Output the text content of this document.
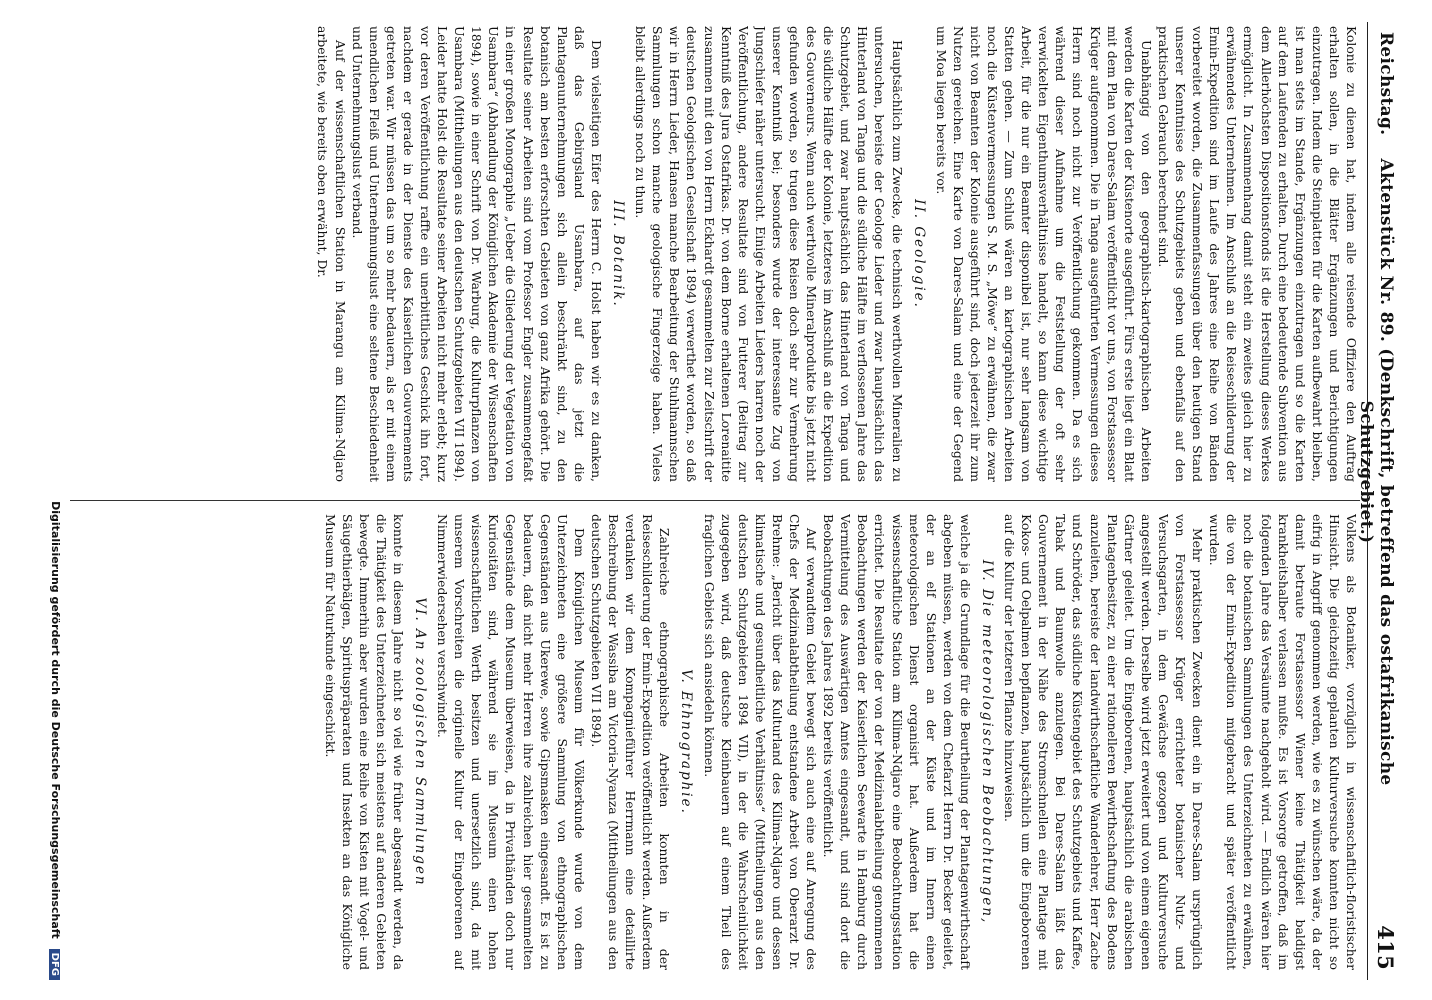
Reichstag.
Aktenstück Nr. 89. (Denkschrift, betreffend das ostafrikanische Schutzgebiet.)
415

Kolonie zu dienen hat, indem alle reisende Offiziere den Auftrag erhalten sollen, in die Blätter Ergänzungen und Berichtigungen einzutragen. Indem die Steinplatten für die Karten aufbewahrt bleiben, ist man stets im Stande, Ergänzungen einzutragen und so die Karten auf dem Laufenden zu erhalten. Durch eine bedeutende Subvention aus dem Allerhöchsten Dispositionsfonds ist die Herstellung dieses Werkes ermöglicht. In Zusammenhang damit steht ein zweites gleich hier zu erwähnendes Unternehmen. Im Anschluß an die Reiseschilderung der Emin-Expedition sind im Laufe des Jahres eine Reihe von Bänden vorbereitet worden, die Zusammenfassungen über den heutigen Stand unserer Kenntnisse des Schutzgebiets geben und ebenfalls auf den praktischen Gebrauch berechnet sind.

Unabhängig von den geographisch-kartographischen Arbeiten werden die Karten der Küstenorte ausgeführt. Fürs erste liegt ein Blatt mit dem Plan von Dares-Salam veröffentlicht vor uns, von Forstassessor Krüger aufgenommen. Die in Tanga ausgeführten Vermessungen dieses Herrn sind noch nicht zur Veröffentlichung gekommen. Da es sich während dieser Aufnahme um die Feststellung der oft sehr verwickelten Eigenthumsverhältnisse handelt, so kann diese wichtige Arbeit, für die nur ein Beamter disponibel ist, nur sehr langsam von Statten gehen. — Zum Schluß wären an kartographischen Arbeiten noch die Küstenvermessungen S. M. S. „Möwe“ zu erwähnen, die zwar nicht von Beamten der Kolonie ausgeführt sind, doch jederzeit ihr zum Nutzen gereichen. Eine Karte von Dares-Salam und eine der Gegend um Moa liegen bereits vor.

II. Geologie.

Hauptsächlich zum Zwecke, die technisch werthvollen Mineralien zu untersuchen, bereiste der Geologe Lieder und zwar hauptsächlich das Hinterland von Tanga und die südliche Hälfte im verflossenen Jahre das Schutzgebiet, und zwar hauptsächlich das Hinterland von Tanga und die südliche Hälfte der Kolonie, letzteres im Anschluß an die Expedition des Gouverneurs. Wenn auch werthvolle Mineralprodukte bis jetzt nicht gefunden worden, so trugen diese Reisen doch sehr zur Vermehrung unserer Kenntniß bei; besonders wurde der interessante Zug von Jungschiefer näher untersucht. Einige Arbeiten Lieders harren noch der Veröffentlichung, andere Resultate sind von Futterer (Beitrag zur Kenntniß des Jura Ostafrikas. Dr. von dem Borne erhaltenen Lorenaitite zusammen mit den von Herrn Eckhardt gesammelten zur Zeitschrift der deutschen Geologischen Gesellschaft 1894) verwerthet worden, so daß wir in Herrn Lieder, Hansen manche Bearbeitung der Stuhlmannschen Sammlungen schon manche geologische Fingerzeige haben. Vieles bleibt allerdings noch zu thun.

III. Botanik.

Dem vielseitigen Eifer des Herrn C. Holst haben wir es zu danken, daß das Gebirgsland Usambara, auf das jetzt die Plantagenunternehmungen sich allein beschränkt sind, zu den botanisch am besten erforschten Gebieten von ganz Afrika gehört. Die Resultate seiner Arbeiten sind vom Professor Engler zusammengefaßt in einer großen Monographie „Ueber die Gliederung der Vegetation von Usambara“ (Abhandlung der Königlichen Akademie der Wissenschaften 1894), sowie in einer Schrift von Dr. Warburg, die Kulturpflanzen von Usambara (Mittheilungen aus den deutschen Schutzgebieten VII 1894). Leider hatte Holst die Resultate seiner Arbeiten nicht mehr erlebt; kurz vor deren Veröffentlichung raffte ein unerbittliches Geschick ihn fort, nachdem er gerade in der Dienste des Kaiserlichen Gouvernements getreten war. Wir müssen das um so mehr bedauern, als er mit einem unendlichen Fleiß und Unternehmungslust eine seltene Beschiedenheit und Unternehmungslust verband.

Auf der wissenschaftlichen Station in Marangu am Kilima-Ndjaro arbeitete, wie bereits oben erwähnt, Dr.

Volkens als Botaniker, vorzüglich in wissenschaftlich-floristischer Hinsicht. Die gleichzeitig geplanten Kulturversuche konnten nicht so eifrig in Angriff genommen werden, wie es zu wünschen wäre, da der damit betraute Forstassessor Wiener keine Thätigkeit baldigst krankheitshalber verlassen mußte. Es ist Vorsorge getroffen, daß im folgenden Jahre das Versäumte nachgeholt wird. — Endlich wären hier noch die botanischen Sammlungen des Unterzeichneten zu erwähnen, die von der Emin-Expedition mitgebracht und später veröffentlicht wurden.

Mehr praktischen Zwecken dient ein in Dares-Salam ursprünglich von Forstassessor Krüger errichteter botanischer Nutz- und Versuchsgarten, in dem Gewächse gezogen und Kulturversuche angestellt werden. Derselbe wird jetzt erweitert und von einem eigenen Gärtner geleitet. Um die Eingeborenen, hauptsächlich die arabischen Plantagenbesitzer, zu einer rationelleren Bewirthschaftung des Bodens anzuleiten, bereiste der landwirthschaftliche Wanderlehrer, Herr Zache und Schröder, das südliche Küstengebiet des Schutzgebiets und Kaffee, Tabak und Baumwolle anzulegen. Bei Dares-Salam läßt das Gouvernement in der Nähe des Stromschnellen eine Plantage mit Kokos- und Oelpalmen bepflanzen, hauptsächlich um die Eingeborenen auf die Kultur der letzteren Pflanze hinzuweisen.

IV. Die meteorologischen Beobachtungen,

welche ja die Grundlage für die Beurtheilung der Plantagenwirthschaft abgeben müssen, werden von dem Chefarzt Herrn Dr. Becker geleitet, der an elf Stationen an der Küste und im Innern einen meteorologischen Dienst organisirt hat. Außerdem hat die wissenschaftliche Station am Kilima-Ndjaro eine Beobachtungsstation errichtet. Die Resultate der von der Medizinalabtheilung genommenen Beobachtungen werden der Kaiserlichen Seewarte in Hamburg durch Vermittelung des Auswärtigen Amtes eingesandt, und sind dort die Beobachtungen des Jahres 1892 bereits veröffentlicht.

Auf verwandtem Gebiet bewegt sich auch eine auf Anregung des Chefs der Medizinalabtheilung entstandene Arbeit von Oberarzt Dr. Brehme: „Bericht über das Kulturland des Kilima-Ndjaro und dessen klimatische und gesundheitliche Verhältnisse“ (Mittheilungen aus den deutschen Schutzgebieten 1894 VII), in der die Wahrscheinlichkeit zugegeben wird, daß deutsche Kleinbauern auf einem Theil des fraglichen Gebiets sich ansiedeln können.

V. Ethnographie.

Zahlreiche ethnographische Arbeiten konnten in der Reiseschilderung der Emin-Expedition veröffentlicht werden. Außerdem verdanken wir dem Kompagnieführer Herrmann eine detaillirte Beschreibung der Wassiba am Victoria-Nyanza (Mittheilungen aus den deutschen Schutzgebieten VII 1894).

Dem Königlichen Museum für Völkerkunde wurde von dem Unterzeichneten eine größere Sammlung von ethnographischen Gegenständen aus Ukerewe, sowie Gipsmasken eingesandt. Es ist zu bedauern, daß nicht mehr Herren ihre zahlreichen hier gesammelten Gegenstände dem Museum überweisen, da in Privathänden doch nur Kuriositäten sind, während sie im Museum einen hohen wissenschaftlichen Werth besitzen und unersetzlich sind, da mit unserem Vorschreiten die originelle Kultur der Eingeborenen auf Nimmerwiedersehen verschwindet.

VI. An zoologischen Sammlungen

konnte in diesem Jahre nicht so viel wie früher abgesandt werden, da die Thätigkeit des Unterzeichneten sich meistens auf anderen Gebieten bewegte. Immerhin aber wurden eine Reihe von Kisten mit Vogel- und Säugethierbälgen, Spirituspräparaten und Insekten an das Königliche Museum für Naturkunde eingeschickt.

Digitalisierung gefördert durch die Deutsche Forschungsgemeinschaft DFG
